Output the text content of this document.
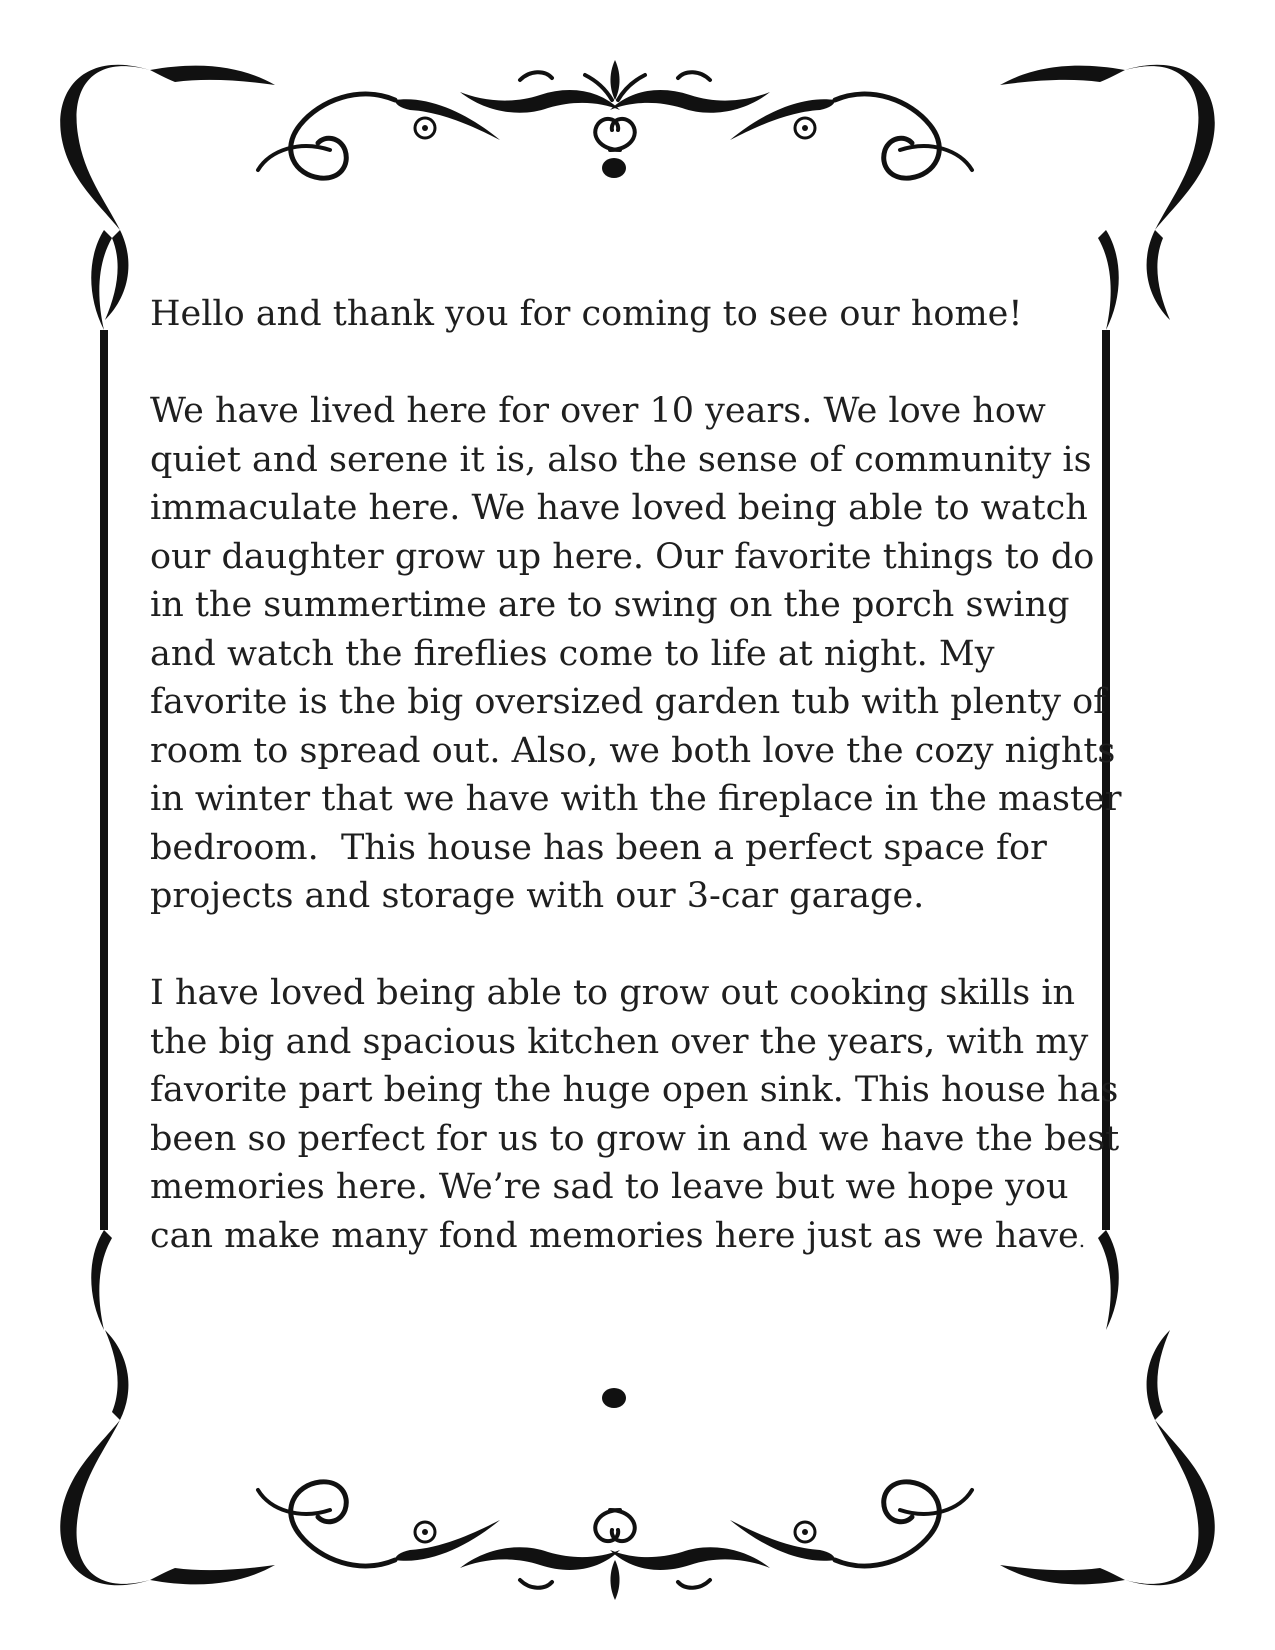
Hello and thank you for coming to see our home!

We have lived here for over 10 years. We love how
quiet and serene it is, also the sense of community is
immaculate here. We have loved being able to watch
our daughter grow up here. Our favorite things to do
in the summertime are to swing on the porch swing
and watch the fireflies come to life at night. My
favorite is the big oversized garden tub with plenty of
room to spread out. Also, we both love the cozy nights
in winter that we have with the fireplace in the master
bedroom.  This house has been a perfect space for
projects and storage with our 3-car garage.

I have loved being able to grow out cooking skills in
the big and spacious kitchen over the years, with my
favorite part being the huge open sink. This house has
been so perfect for us to grow in and we have the best
memories here. We’re sad to leave but we hope you
can make many fond memories here just as we have.
